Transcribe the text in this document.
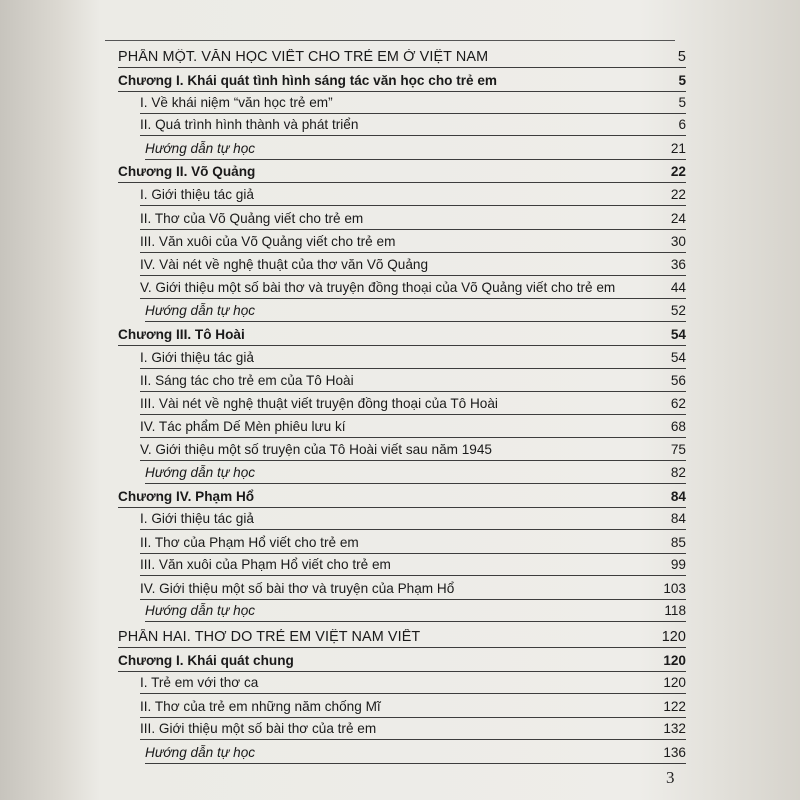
PHẦN MỘT. VĂN HỌC VIẾT CHO TRẺ EM Ở VIỆT NAM	5
Chương I. Khái quát tình hình sáng tác văn học cho trẻ em	5
I. Về khái niệm “văn học trẻ em”	5
II. Quá trình hình thành và phát triển	6
Hướng dẫn tự học	21
Chương II. Võ Quảng	22
I. Giới thiệu tác giả	22
II. Thơ của Võ Quảng viết cho trẻ em	24
III. Văn xuôi của Võ Quảng viết cho trẻ em	30
IV. Vài nét về nghệ thuật của thơ văn Võ Quảng	36
V. Giới thiệu một số bài thơ và truyện đồng thoại của Võ Quảng viết cho trẻ em	44
Hướng dẫn tự học	52
Chương III. Tô Hoài	54
I. Giới thiệu tác giả	54
II. Sáng tác cho trẻ em của Tô Hoài	56
III. Vài nét về nghệ thuật viết truyện đồng thoại của Tô Hoài	62
IV. Tác phẩm Dế Mèn phiêu lưu kí	68
V. Giới thiệu một số truyện của Tô Hoài viết sau năm 1945	75
Hướng dẫn tự học	82
Chương IV. Phạm Hổ	84
I. Giới thiệu tác giả	84
II. Thơ của Phạm Hổ viết cho trẻ em	85
III. Văn xuôi của Phạm Hổ viết cho trẻ em	99
IV. Giới thiệu một số bài thơ và truyện của Phạm Hổ	103
Hướng dẫn tự học	118
PHẦN HAI. THƠ DO TRẺ EM VIỆT NAM VIẾT	120
Chương I. Khái quát chung	120
I. Trẻ em với thơ ca	120
II. Thơ của trẻ em những năm chống Mĩ	122
III. Giới thiệu một số bài thơ của trẻ em	132
Hướng dẫn tự học	136
3
